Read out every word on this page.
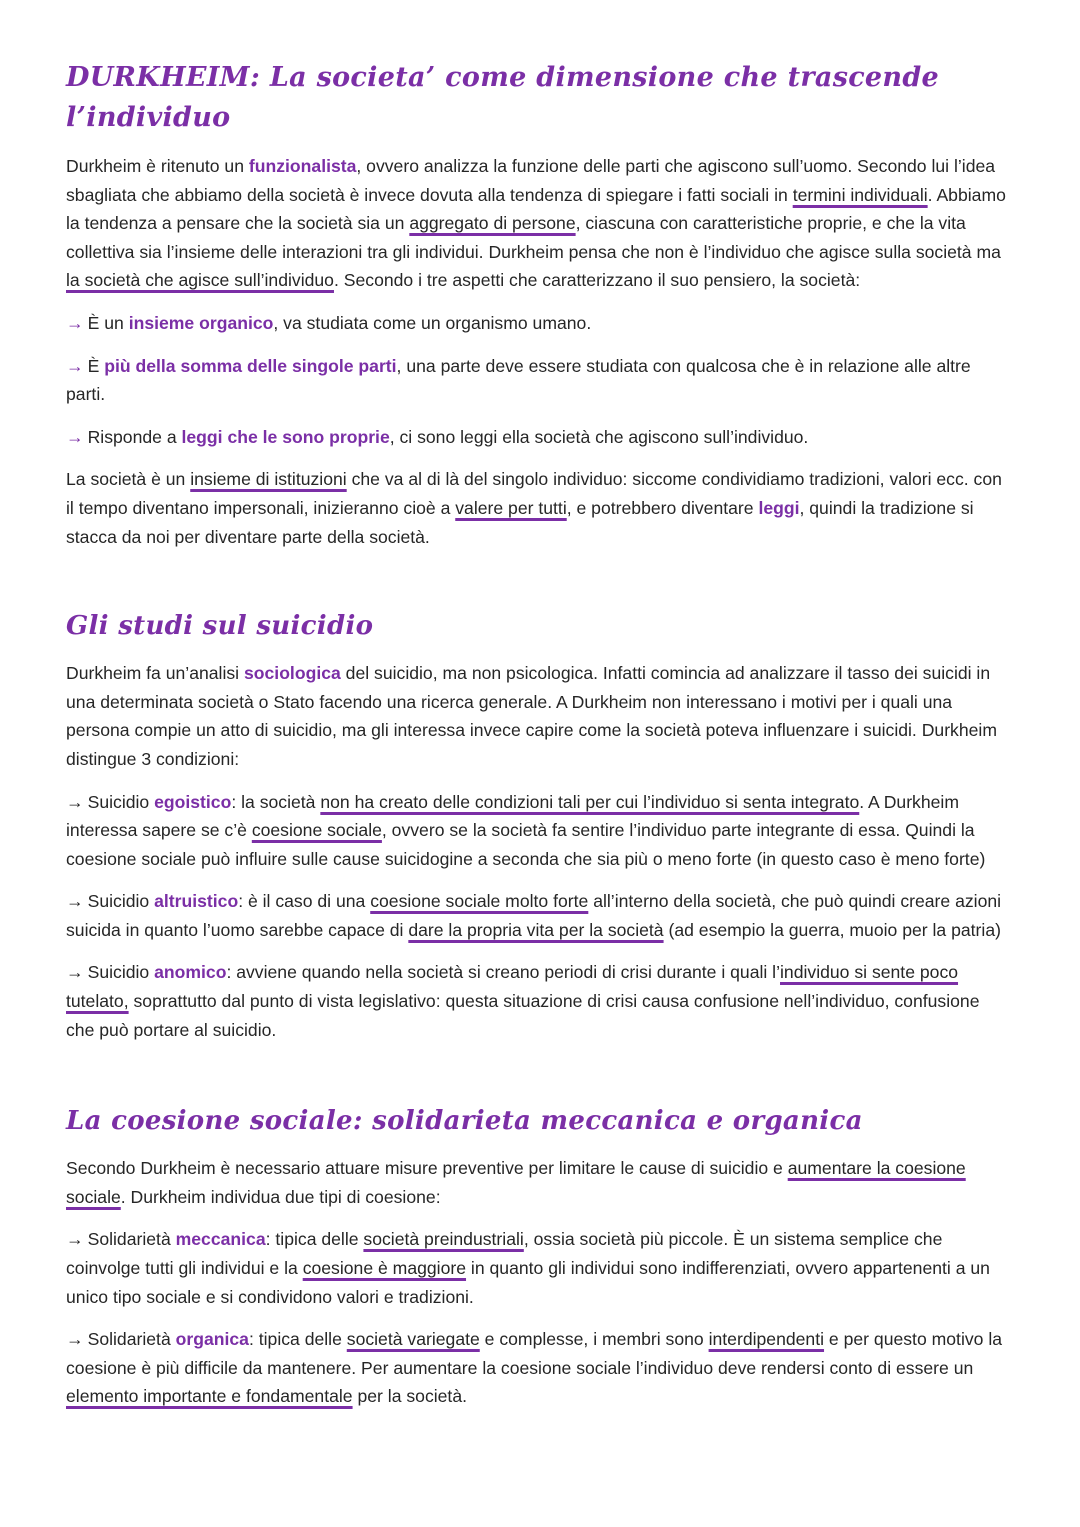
DURKHEIM: La societa’ come dimensione che trascende l’individuo

Durkheim è ritenuto un funzionalista, ovvero analizza la funzione delle parti che agiscono sull’uomo. Secondo lui l’idea sbagliata che abbiamo della società è invece dovuta alla tendenza di spiegare i fatti sociali in termini individuali. Abbiamo la tendenza a pensare che la società sia un aggregato di persone, ciascuna con caratteristiche proprie, e che la vita collettiva sia l’insieme delle interazioni tra gli individui. Durkheim pensa che non è l’individuo che agisce sulla società ma la società che agisce sull’individuo. Secondo i tre aspetti che caratterizzano il suo pensiero, la società:

→ È un insieme organico, va studiata come un organismo umano.

→ È più della somma delle singole parti, una parte deve essere studiata con qualcosa che è in relazione alle altre parti.

→ Risponde a leggi che le sono proprie, ci sono leggi ella società che agiscono sull’individuo.

La società è un insieme di istituzioni che va al di là del singolo individuo: siccome condividiamo tradizioni, valori ecc. con il tempo diventano impersonali, inizieranno cioè a valere per tutti, e potrebbero diventare leggi, quindi la tradizione si stacca da noi per diventare parte della società.

Gli studi sul suicidio

Durkheim fa un’analisi sociologica del suicidio, ma non psicologica. Infatti comincia ad analizzare il tasso dei suicidi in una determinata società o Stato facendo una ricerca generale. A Durkheim non interessano i motivi per i quali una persona compie un atto di suicidio, ma gli interessa invece capire come la società poteva influenzare i suicidi. Durkheim distingue 3 condizioni:

→ Suicidio egoistico: la società non ha creato delle condizioni tali per cui l’individuo si senta integrato. A Durkheim interessa sapere se c’è coesione sociale, ovvero se la società fa sentire l’individuo parte integrante di essa. Quindi la coesione sociale può influire sulle cause suicidogine a seconda che sia più o meno forte (in questo caso è meno forte)

→ Suicidio altruistico: è il caso di una coesione sociale molto forte all’interno della società, che può quindi creare azioni suicida in quanto l’uomo sarebbe capace di dare la propria vita per la società (ad esempio la guerra, muoio per la patria)

→ Suicidio anomico: avviene quando nella società si creano periodi di crisi durante i quali l’individuo si sente poco tutelato, soprattutto dal punto di vista legislativo: questa situazione di crisi causa confusione nell’individuo, confusione che può portare al suicidio.

La coesione sociale: solidarieta meccanica e organica

Secondo Durkheim è necessario attuare misure preventive per limitare le cause di suicidio e aumentare la coesione sociale. Durkheim individua due tipi di coesione:

→ Solidarietà meccanica: tipica delle società preindustriali, ossia società più piccole. È un sistema semplice che coinvolge tutti gli individui e la coesione è maggiore in quanto gli individui sono indifferenziati, ovvero appartenenti a un unico tipo sociale e si condividono valori e tradizioni.

→ Solidarietà organica: tipica delle società variegate e complesse, i membri sono interdipendenti e per questo motivo la coesione è più difficile da mantenere. Per aumentare la coesione sociale l’individuo deve rendersi conto di essere un elemento importante e fondamentale per la società.
